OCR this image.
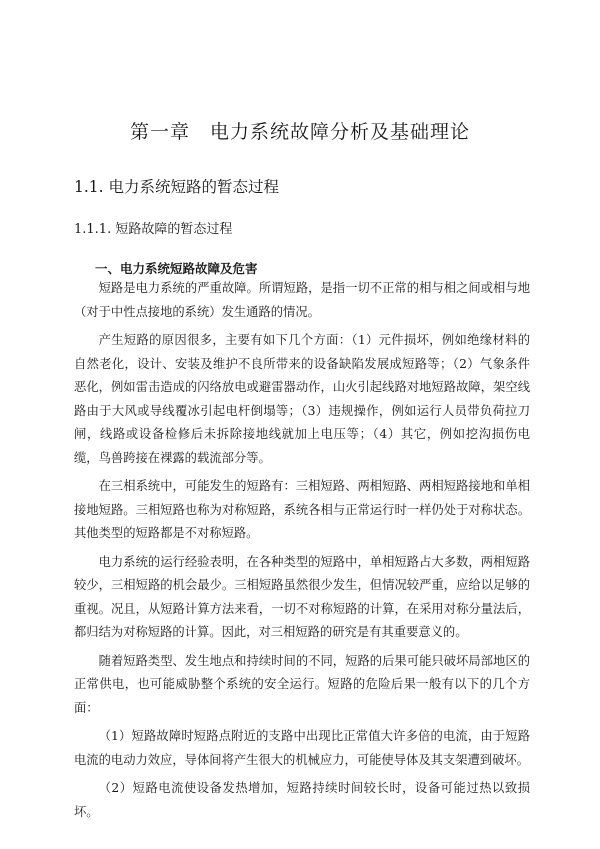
第一章　电力系统故障分析及基础理论
1.1. 电力系统短路的暂态过程
1.1.1. 短路故障的暂态过程
一、电力系统短路故障及危害

短路是电力系统的严重故障。所谓短路，是指一切不正常的相与相之间或相与地（对于中性点接地的系统）发生通路的情况。

产生短路的原因很多，主要有如下几个方面：（1）元件损坏，例如绝缘材料的自然老化，设计、安装及维护不良所带来的设备缺陷发展成短路等；（2）气象条件恶化，例如雷击造成的闪络放电或避雷器动作，山火引起线路对地短路故障，架空线路由于大风或导线覆冰引起电杆倒塌等；（3）违规操作，例如运行人员带负荷拉刀闸，线路或设备检修后未拆除接地线就加上电压等；（4）其它，例如挖沟损伤电缆，鸟兽跨接在裸露的载流部分等。

在三相系统中，可能发生的短路有：三相短路、两相短路、两相短路接地和单相接地短路。三相短路也称为对称短路，系统各相与正常运行时一样仍处于对称状态。其他类型的短路都是不对称短路。

电力系统的运行经验表明，在各种类型的短路中，单相短路占大多数，两相短路较少，三相短路的机会最少。三相短路虽然很少发生，但情况较严重，应给以足够的重视。况且，从短路计算方法来看，一切不对称短路的计算，在采用对称分量法后，都归结为对称短路的计算。因此，对三相短路的研究是有其重要意义的。

随着短路类型、发生地点和持续时间的不同，短路的后果可能只破坏局部地区的正常供电，也可能威胁整个系统的安全运行。短路的危险后果一般有以下的几个方面：

（1）短路故障时短路点附近的支路中出现比正常值大许多倍的电流，由于短路电流的电动力效应，导体间将产生很大的机械应力，可能使导体及其支架遭到破坏。

（2）短路电流使设备发热增加，短路持续时间较长时，设备可能过热以致损坏。
